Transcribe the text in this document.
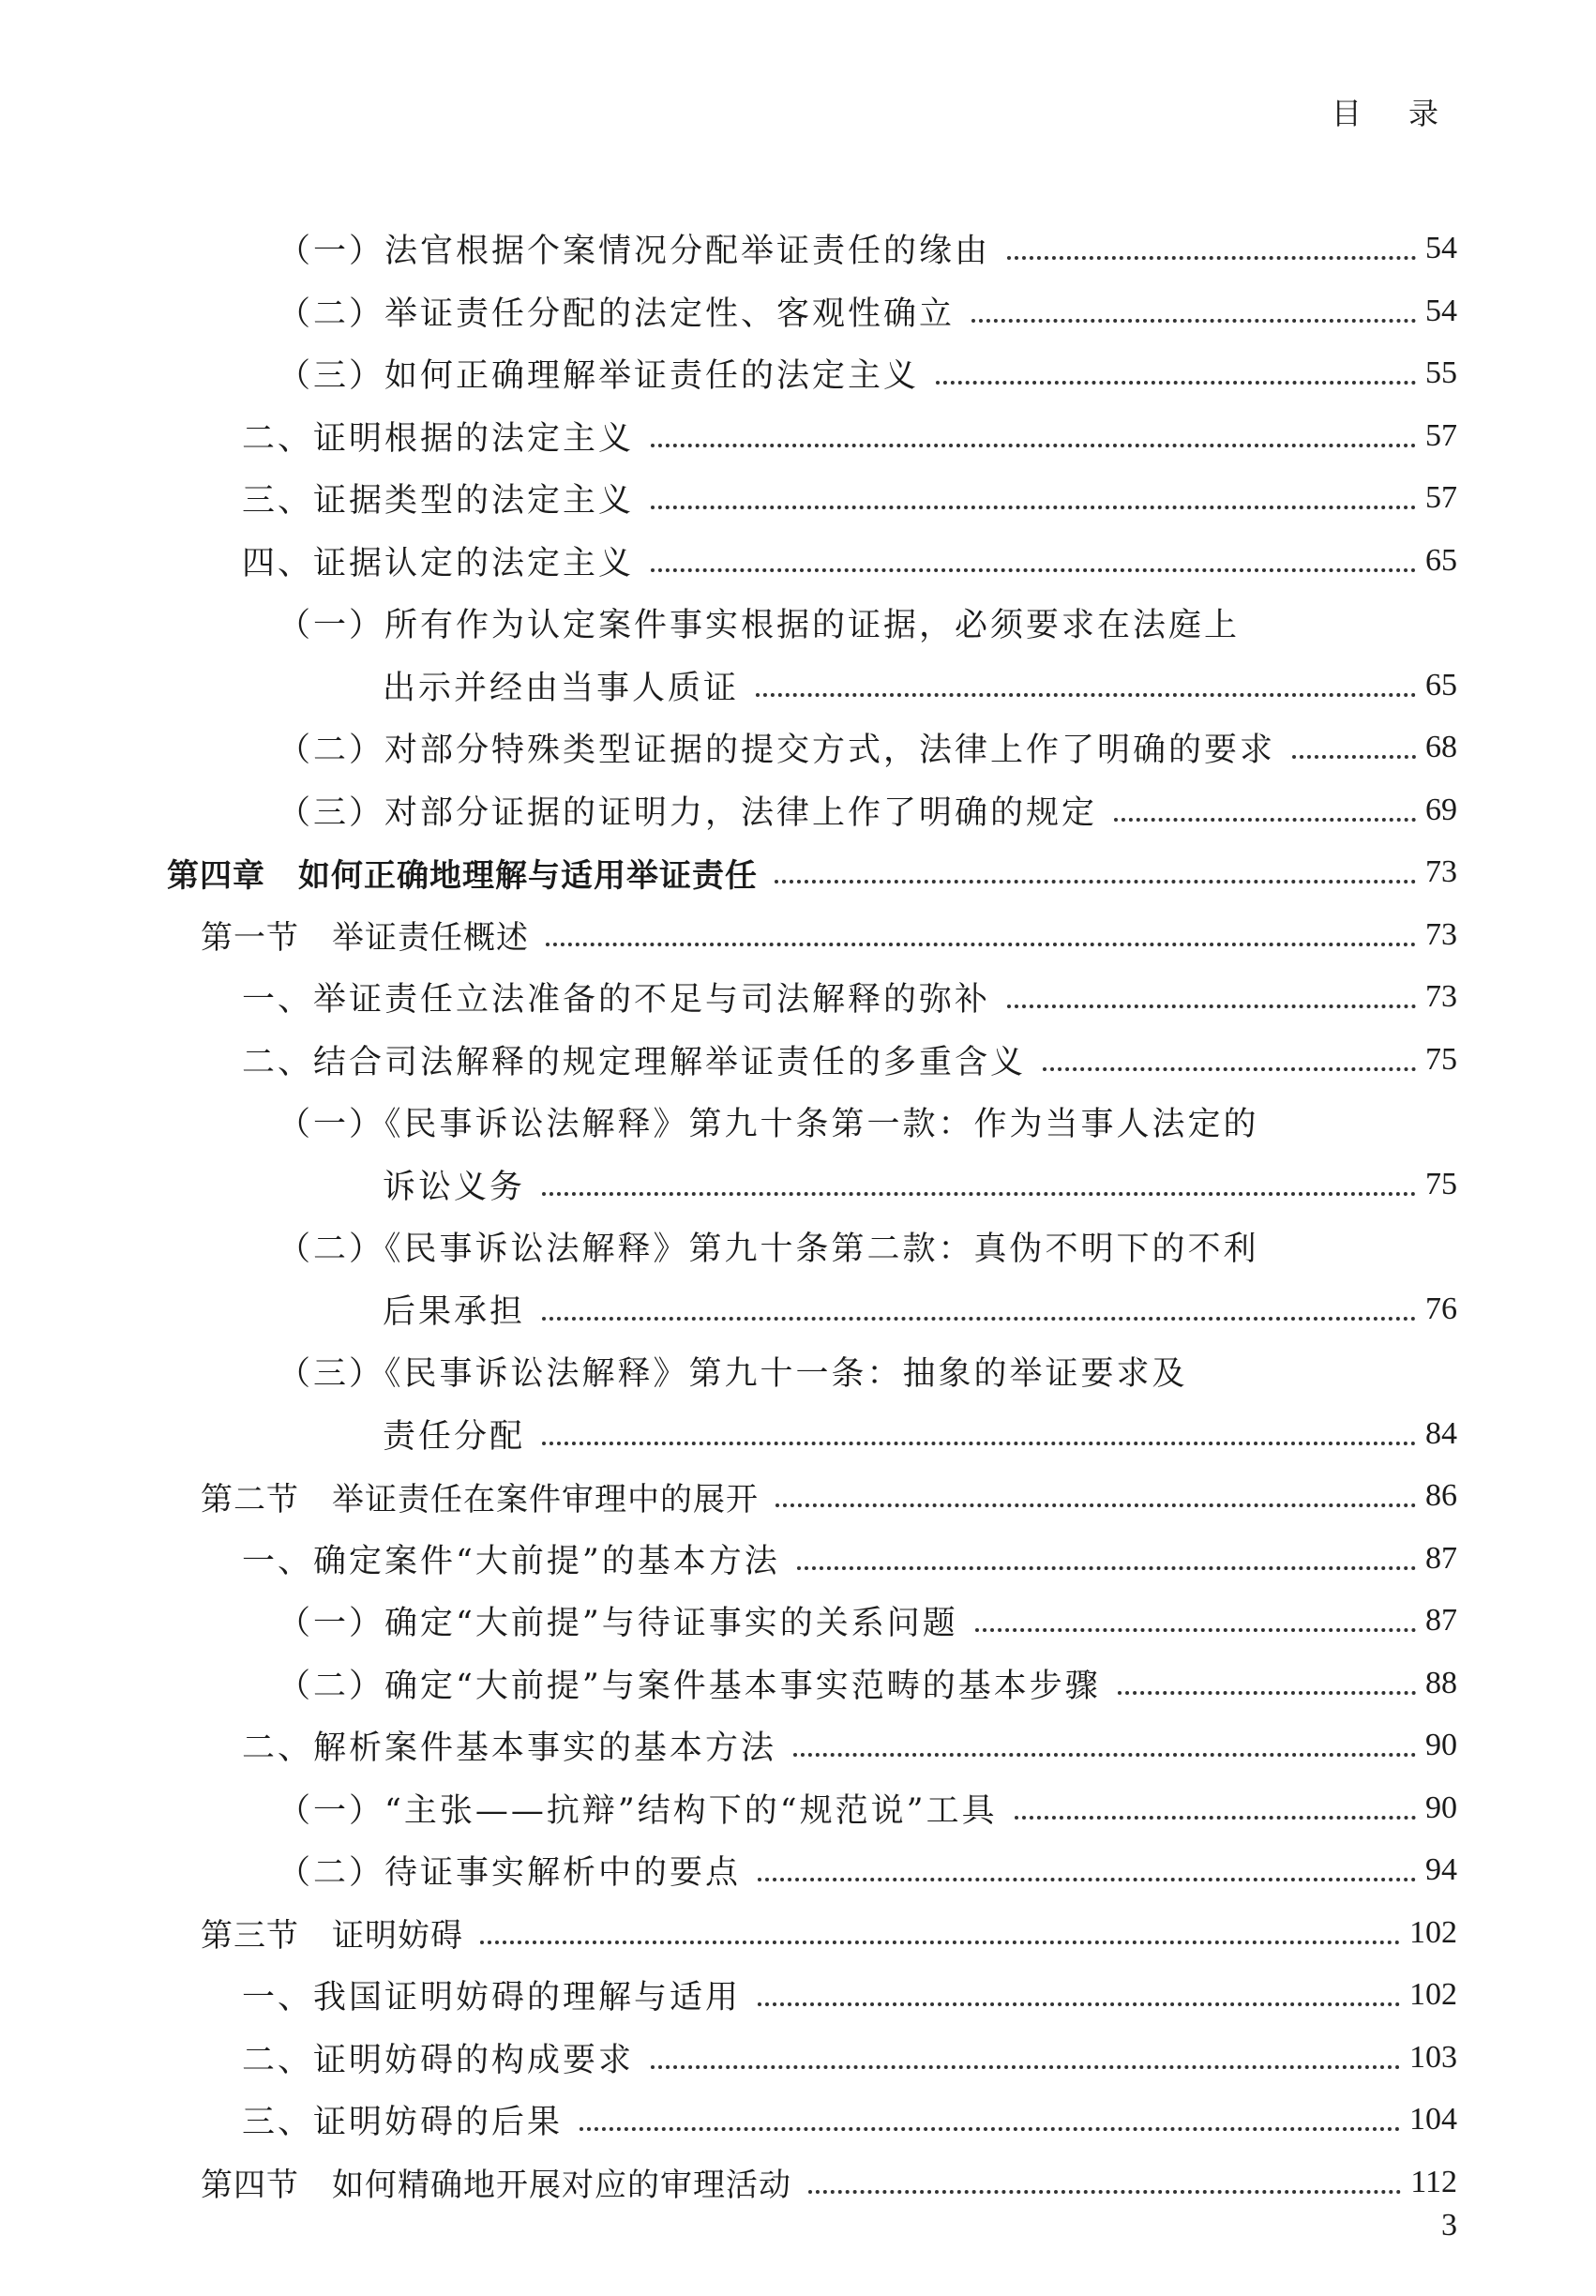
目 录
（一）法官根据个案情况分配举证责任的缘由	54
（二）举证责任分配的法定性、客观性确立	54
（三）如何正确理解举证责任的法定主义	55
二、证明根据的法定主义	57
三、证据类型的法定主义	57
四、证据认定的法定主义	65
（一）所有作为认定案件事实根据的证据，必须要求在法庭上
出示并经由当事人质证	65
（二）对部分特殊类型证据的提交方式，法律上作了明确的要求	68
（三）对部分证据的证明力，法律上作了明确的规定	69
第四章　如何正确地理解与适用举证责任	73
第一节　举证责任概述	73
一、举证责任立法准备的不足与司法解释的弥补	73
二、结合司法解释的规定理解举证责任的多重含义	75
（一）《民事诉讼法解释》第九十条第一款：作为当事人法定的
诉讼义务	75
（二）《民事诉讼法解释》第九十条第二款：真伪不明下的不利
后果承担	76
（三）《民事诉讼法解释》第九十一条：抽象的举证要求及
责任分配	84
第二节　举证责任在案件审理中的展开	86
一、确定案件“大前提”的基本方法	87
（一）确定“大前提”与待证事实的关系问题	87
（二）确定“大前提”与案件基本事实范畴的基本步骤	88
二、解析案件基本事实的基本方法	90
（一）“主张——抗辩”结构下的“规范说”工具	90
（二）待证事实解析中的要点	94
第三节　证明妨碍	102
一、我国证明妨碍的理解与适用	102
二、证明妨碍的构成要求	103
三、证明妨碍的后果	104
第四节　如何精确地开展对应的审理活动	112
3
